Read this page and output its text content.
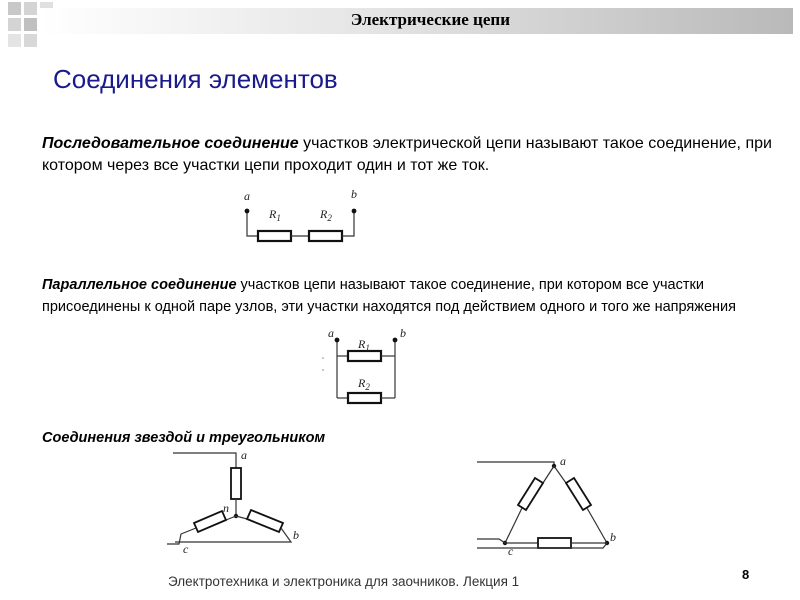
Электрические цепи
Соединения элементов
Последовательное соединение участков электрической цепи называют такое соединение, при котором через все участки цепи проходит один и тот же ток.
a	b
$R_1$	$R_2$
Параллельное соединение участков цепи называют такое соединение, при котором все участки присоединены к одной паре узлов, эти участки находятся под действием одного и того же напряжения
a	b
$R_1$
$R_2$
Соединения звездой и треугольником
a
n
b
c
a
b
c
Электротехника и электроника для заочников. Лекция 1	8
